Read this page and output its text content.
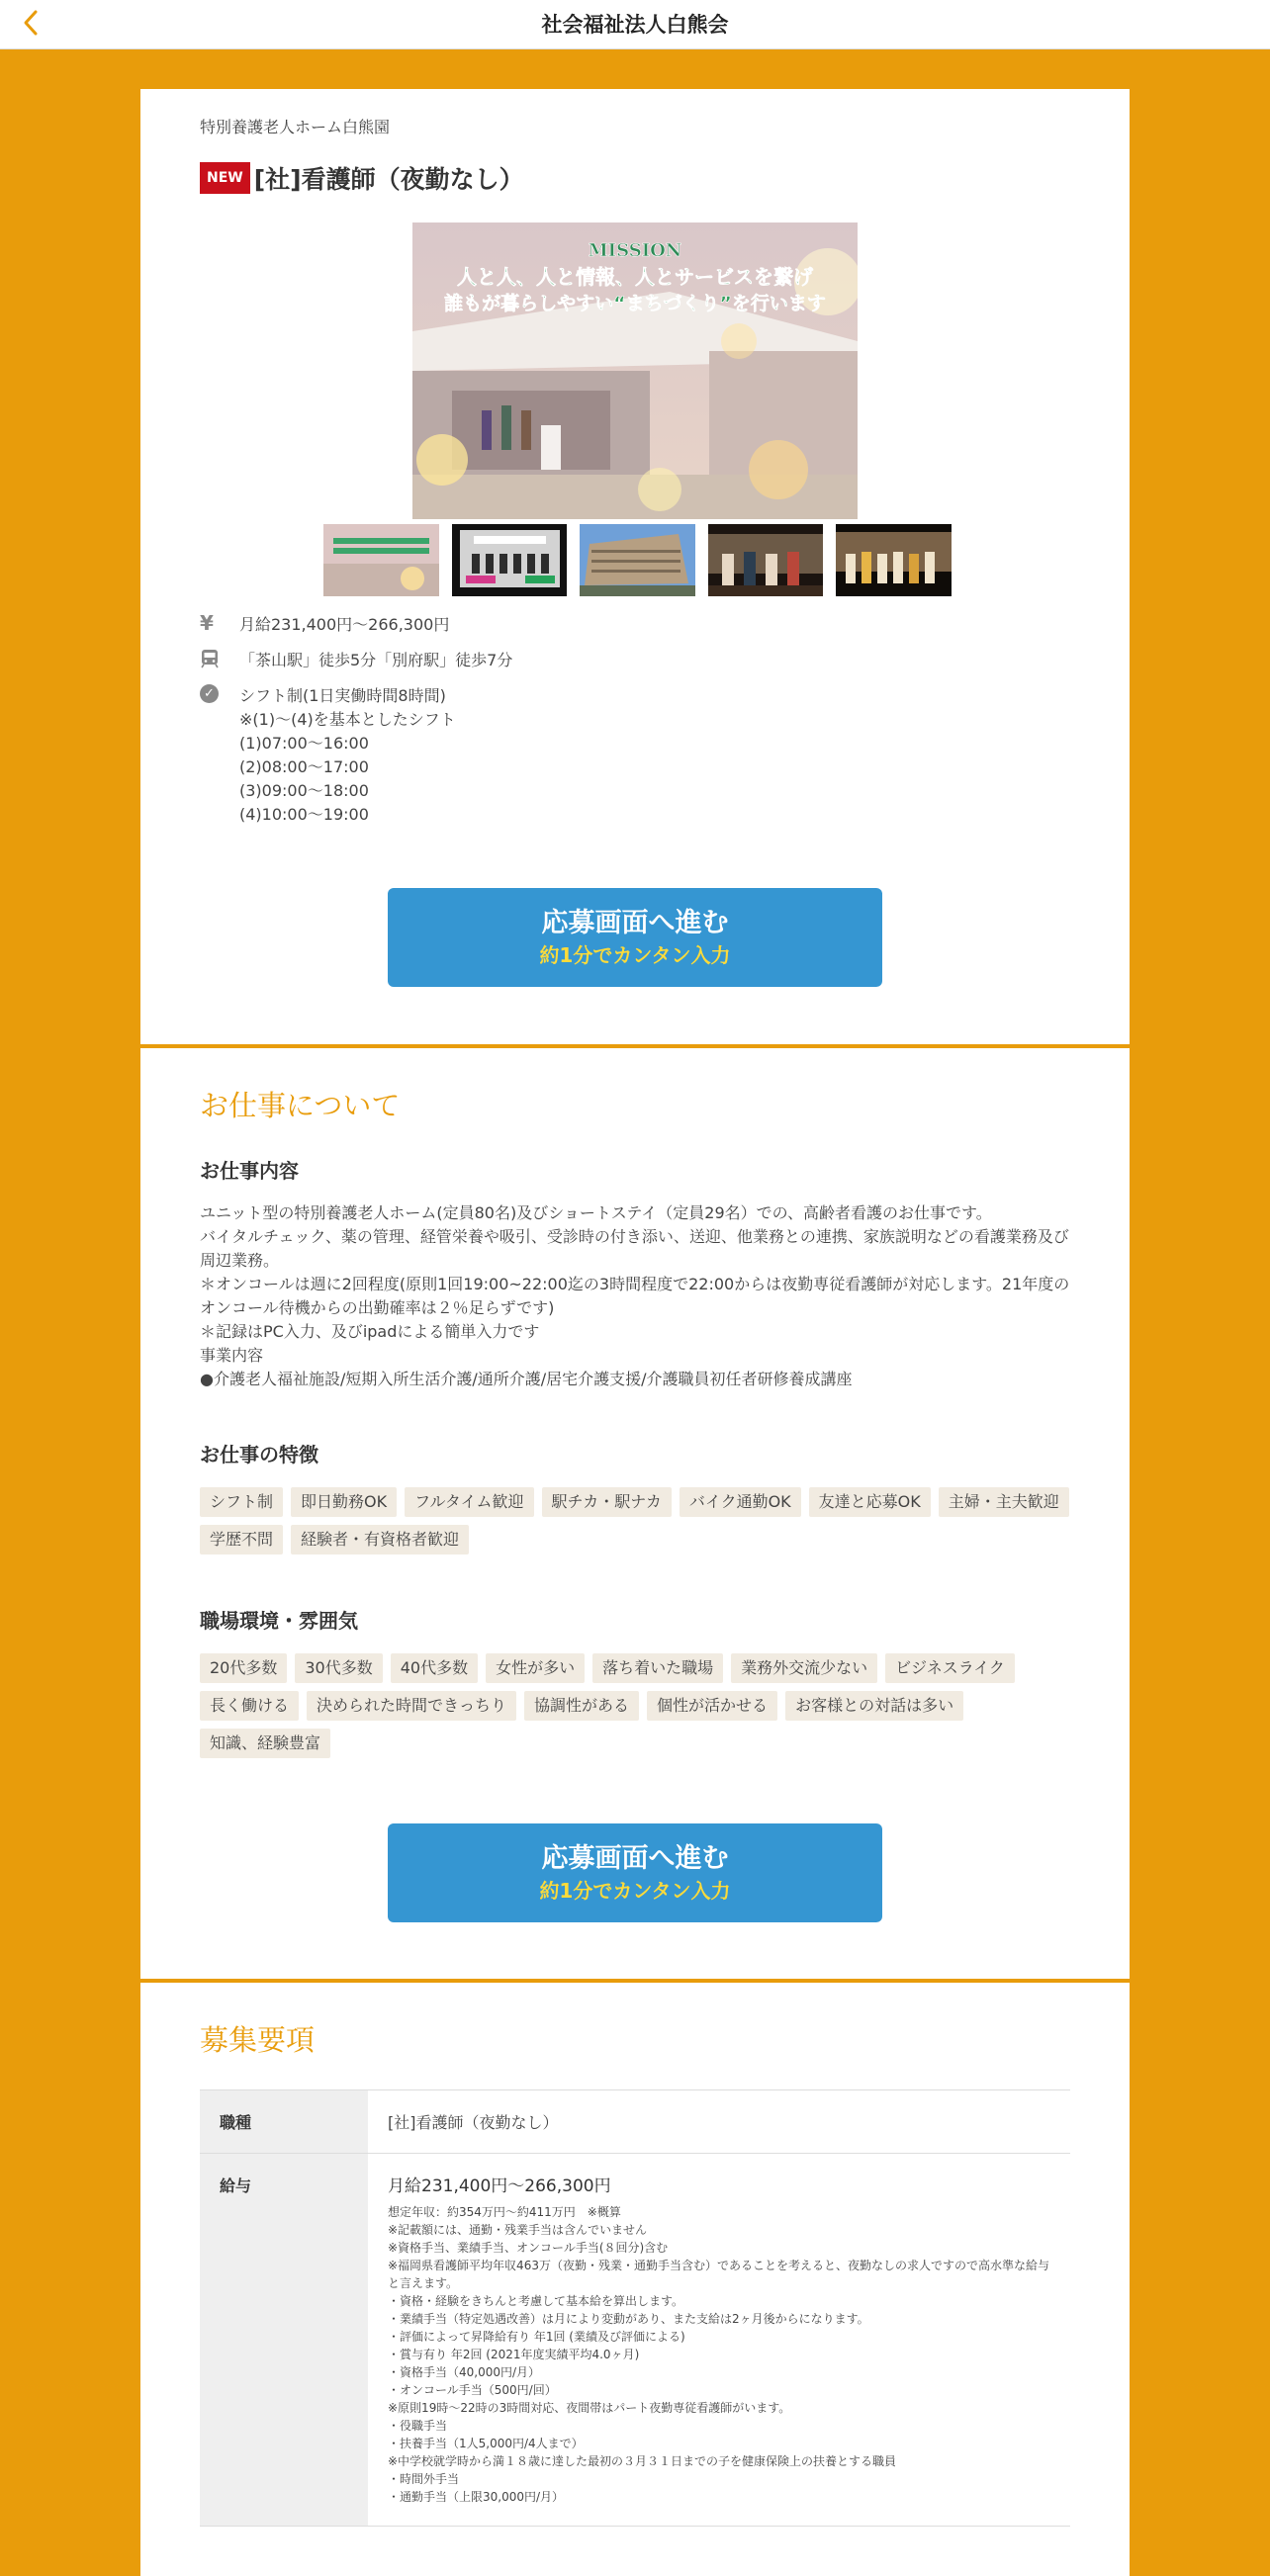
社会福祉法人白熊会
特別養護老人ホーム白熊園
NEW [社]看護師（夜勤なし）
MISSION
人と人、人と情報、人とサービスを繋げ
誰もが暮らしやすい“まちづくり”を行います
¥	月給231,400円〜266,300円
「茶山駅」徒歩5分「別府駅」徒歩7分
✓ シフト制(1日実働時間8時間)
※(1)～(4)を基本としたシフト
(1)07:00～16:00
(2)08:00～17:00
(3)09:00～18:00
(4)10:00～19:00
応募画面へ進む
約1分でカンタン入力
お仕事について
お仕事内容
ユニット型の特別養護老人ホーム(定員80名)及びショートステイ（定員29名）での、高齢者看護のお仕事です。
バイタルチェック、薬の管理、経管栄養や吸引、受診時の付き添い、送迎、他業務との連携、家族説明などの看護業務及び周辺業務。
＊オンコールは週に2回程度(原則1回19:00~22:00迄の3時間程度で22:00からは夜勤専従看護師が対応します。21年度のオンコール待機からの出勤確率は２％足らずです)
＊記録はPC入力、及びipadによる簡単入力です
事業内容
●介護老人福祉施設/短期入所生活介護/通所介護/居宅介護支援/介護職員初任者研修養成講座
お仕事の特徴
シフト制	即日勤務OK	フルタイム歓迎	駅チカ・駅ナカ	バイク通勤OK	友達と応募OK	主婦・主夫歓迎
学歴不問	経験者・有資格者歓迎
職場環境・雰囲気
20代多数	30代多数	40代多数	女性が多い	落ち着いた職場	業務外交流少ない	ビジネスライク
長く働ける	決められた時間できっちり	協調性がある	個性が活かせる	お客様との対話は多い
知識、経験豊富
応募画面へ進む
約1分でカンタン入力
募集要項
職種	[社]看護師（夜勤なし）
給与	月給231,400円〜266,300円
想定年収：約354万円～約411万円　※概算
※記載額には、通勤・残業手当は含んでいません
※資格手当、業績手当、オンコール手当(８回分)含む
※福岡県看護師平均年収463万（夜勤・残業・通勤手当含む）であることを考えると、夜勤なしの求人ですので高水準な給与と言えます。
・資格・経験をきちんと考慮して基本給を算出します。
・業績手当（特定処遇改善）は月により変動があり、また支給は2ヶ月後からになります。
・評価によって昇降給有り 年1回 (業績及び評価による)
・賞与有り 年2回 (2021年度実績平均4.0ヶ月)
・資格手当（40,000円/月）
・オンコール手当（500円/回）
※原則19時～22時の3時間対応、夜間帯はパート夜勤専従看護師がいます。
・役職手当
・扶養手当（1人5,000円/4人まで）
※中学校就学時から満１８歳に達した最初の３月３１日までの子を健康保険上の扶養とする職員
・時間外手当
・通勤手当（上限30,000円/月）
